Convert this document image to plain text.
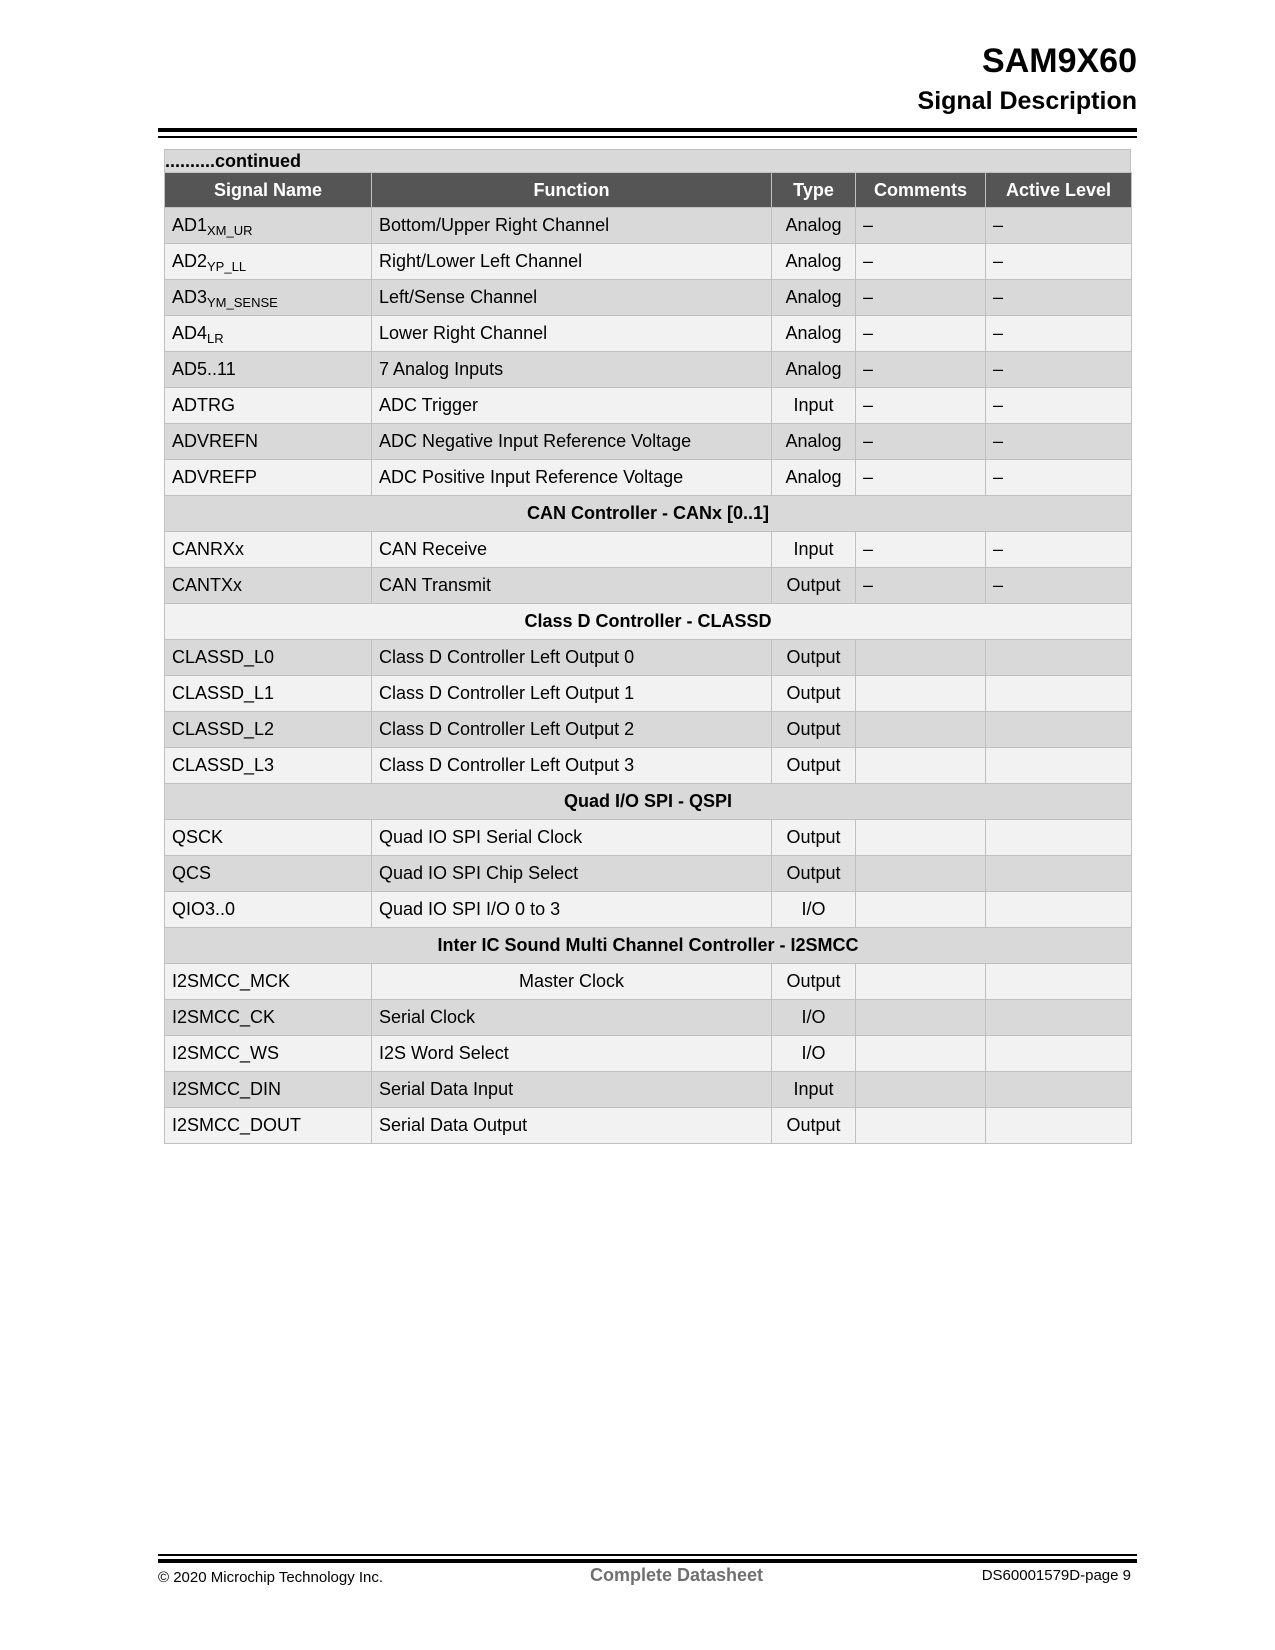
SAM9X60
Signal Description
..........continued
Signal Name	Function	Type	Comments	Active Level
$AD1_{XM\_UR}$	Bottom/Upper Right Channel	Analog	–	–
$AD2_{YP\_LL}$	Right/Lower Left Channel	Analog	–	–
$AD3_{YM\_SENSE}$	Left/Sense Channel	Analog	–	–
$AD4_{LR}$	Lower Right Channel	Analog	–	–
AD5..11	7 Analog Inputs	Analog	–	–
ADTRG	ADC Trigger	Input	–	–
ADVREFN	ADC Negative Input Reference Voltage	Analog	–	–
ADVREFP	ADC Positive Input Reference Voltage	Analog	–	–
CAN Controller - CANx [0..1]				
CANRXx	CAN Receive	Input	–	–
CANTXx	CAN Transmit	Output	–	–
Class D Controller - CLASSD				
CLASSD_L0	Class D Controller Left Output 0	Output		
CLASSD_L1	Class D Controller Left Output 1	Output		
CLASSD_L2	Class D Controller Left Output 2	Output		
CLASSD_L3	Class D Controller Left Output 3	Output		
Quad I/O SPI - QSPI				
QSCK	Quad IO SPI Serial Clock	Output		
QCS	Quad IO SPI Chip Select	Output		
QIO3..0	Quad IO SPI I/O 0 to 3	I/O		
Inter IC Sound Multi Channel Controller - I2SMCC				
I2SMCC_MCK	Master Clock	Output		
I2SMCC_CK	Serial Clock	I/O		
I2SMCC_WS	I2S Word Select	I/O		
I2SMCC_DIN	Serial Data Input	Input		
I2SMCC_DOUT	Serial Data Output	Output		
© 2020 Microchip Technology Inc.	Complete Datasheet	DS60001579D-page 9
